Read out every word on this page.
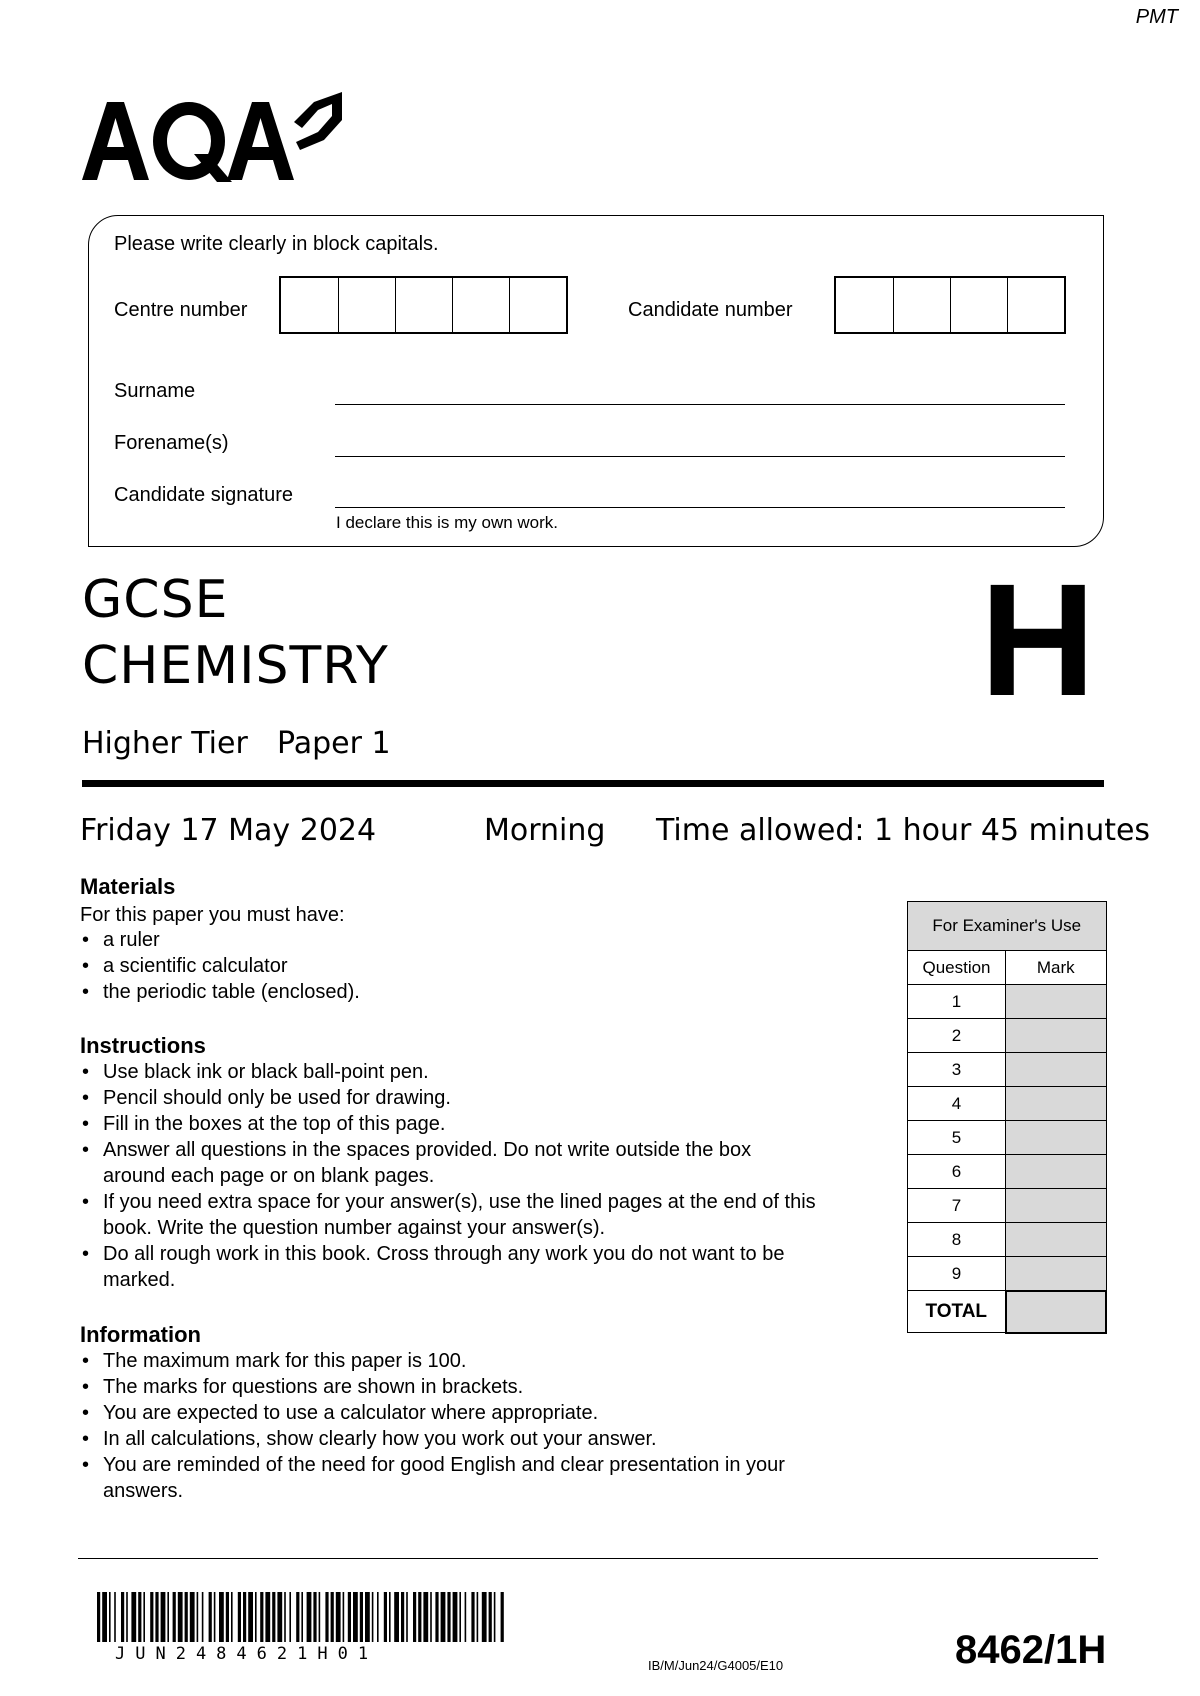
PMT
Please write clearly in block capitals.
Centre number	Candidate number
Surname
Forename(s)
Candidate signature
I declare this is my own work.
GCSE
CHEMISTRY
Higher Tier Paper 1
H
Friday 17 May 2024	Morning Time allowed: 1 hour 45 minutes
Materials
For this paper you must have:
• a ruler
• a scientific calculator
• the periodic table (enclosed).
Instructions
• Use black ink or black ball-point pen.
• Pencil should only be used for drawing.
• Fill in the boxes at the top of this page.
• Answer all questions in the spaces provided. Do not write outside the box around each page or on blank pages.
• If you need extra space for your answer(s), use the lined pages at the end of this book. Write the question number against your answer(s).
• Do all rough work in this book. Cross through any work you do not want to be marked.
Information
• The maximum mark for this paper is 100.
• The marks for questions are shown in brackets.
• You are expected to use a calculator where appropriate.
• In all calculations, show clearly how you work out your answer.
• You are reminded of the need for good English and clear presentation in your answers.
For Examiner's Use	
Question	Mark
1	
2	
3	
4	
5	
6	
7	
8	
9	
TOTAL	
JUN248462​1H01
IB/M/Jun24/G4005/E10	8462/1H
